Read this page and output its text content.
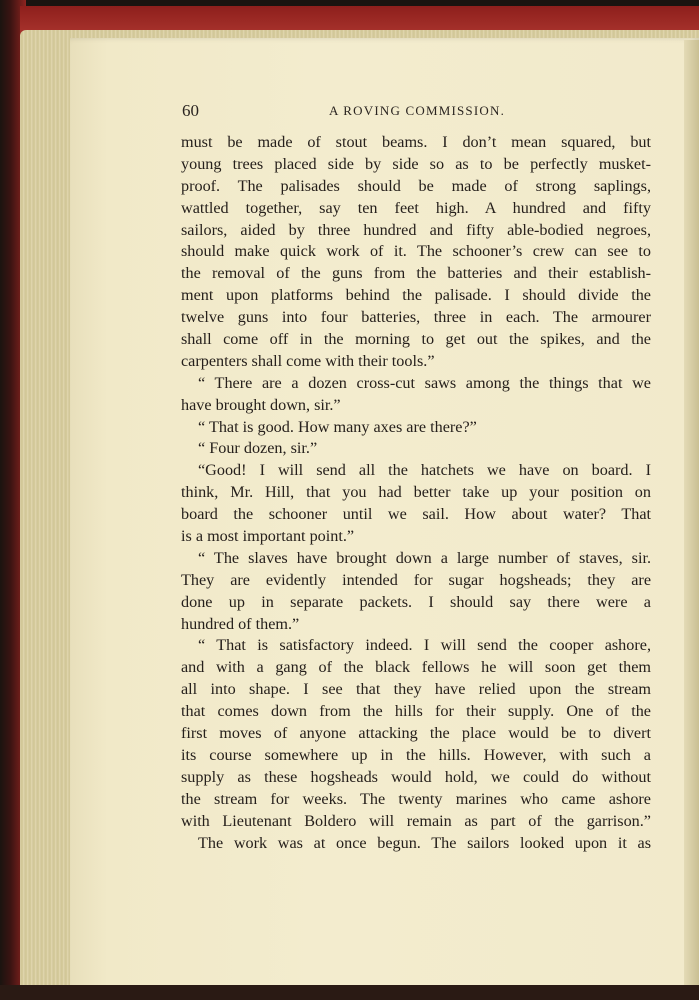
60	A ROVING COMMISSION.
must be made of stout beams. I don’t mean squared, but
young trees placed side by side so as to be perfectly musket-
proof. The palisades should be made of strong saplings,
wattled together, say ten feet high. A hundred and fifty
sailors, aided by three hundred and fifty able-bodied negroes,
should make quick work of it. The schooner’s crew can see to
the removal of the guns from the batteries and their establish-
ment upon platforms behind the palisade. I should divide the
twelve guns into four batteries, three in each. The armourer
shall come off in the morning to get out the spikes, and the
carpenters shall come with their tools.”
“ There are a dozen cross-cut saws among the things that we
have brought down, sir.”
“ That is good. How many axes are there?”
“ Four dozen, sir.”
“Good! I will send all the hatchets we have on board. I
think, Mr. Hill, that you had better take up your position on
board the schooner until we sail. How about water? That
is a most important point.”
“ The slaves have brought down a large number of staves, sir.
They are evidently intended for sugar hogsheads; they are
done up in separate packets. I should say there were a
hundred of them.”
“ That is satisfactory indeed. I will send the cooper ashore,
and with a gang of the black fellows he will soon get them
all into shape. I see that they have relied upon the stream
that comes down from the hills for their supply. One of the
first moves of anyone attacking the place would be to divert
its course somewhere up in the hills. However, with such a
supply as these hogsheads would hold, we could do without
the stream for weeks. The twenty marines who came ashore
with Lieutenant Boldero will remain as part of the garrison.”
The work was at once begun. The sailors looked upon it as
